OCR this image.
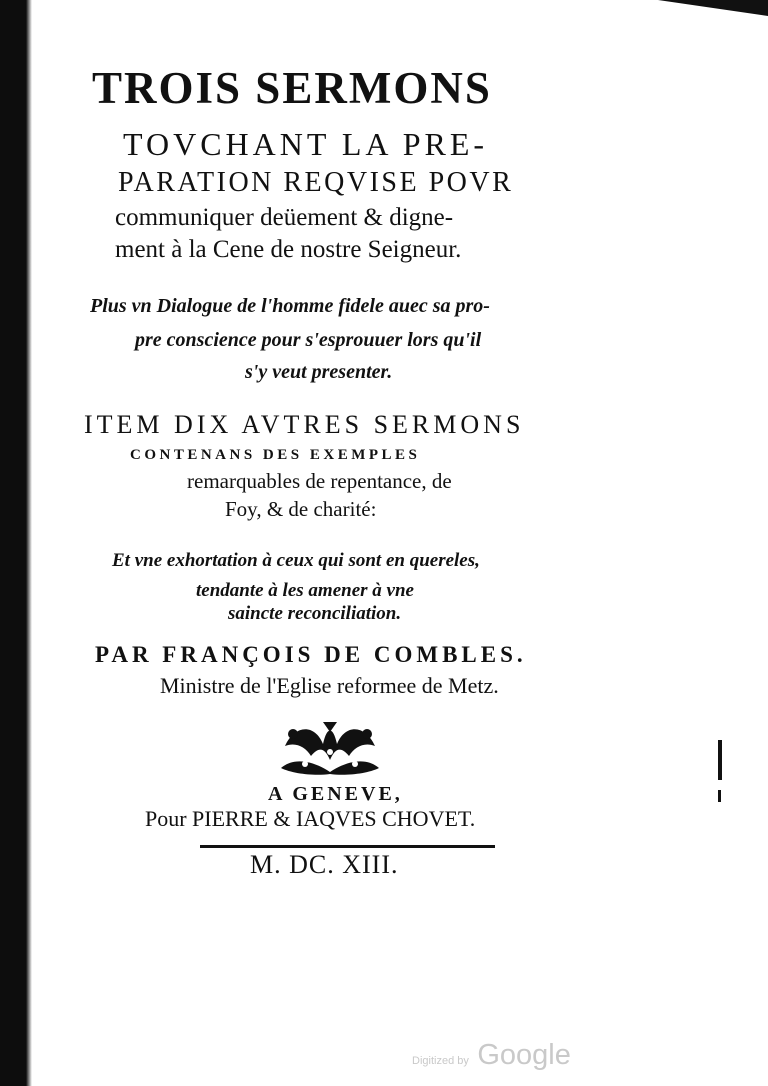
TROIS SERMONS
TOVCHANT LA PRE-
PARATION REQVISE POVR
communiquer deüement & digne-
ment à la Cene de nostre Seigneur.
Plus vn Dialogue de l'homme fidele auec sa pro-
pre conscience pour s'esprouuer lors qu'il
s'y veut presenter.
ITEM DIX AVTRES SERMONS
CONTENANS DES EXEMPLES
remarquables de repentance, de
Foy, & de charité:
Et vne exhortation à ceux qui sont en quereles,
tendante à les amener à vne
saincte reconciliation.
PAR FRANÇOIS DE COMBLES.
Ministre de l'Eglise reformee de Metz.
A GENEVE,
Pour PIERRE & IAQVES CHOVET.
M. DC. XIII.
Digitized by Google
